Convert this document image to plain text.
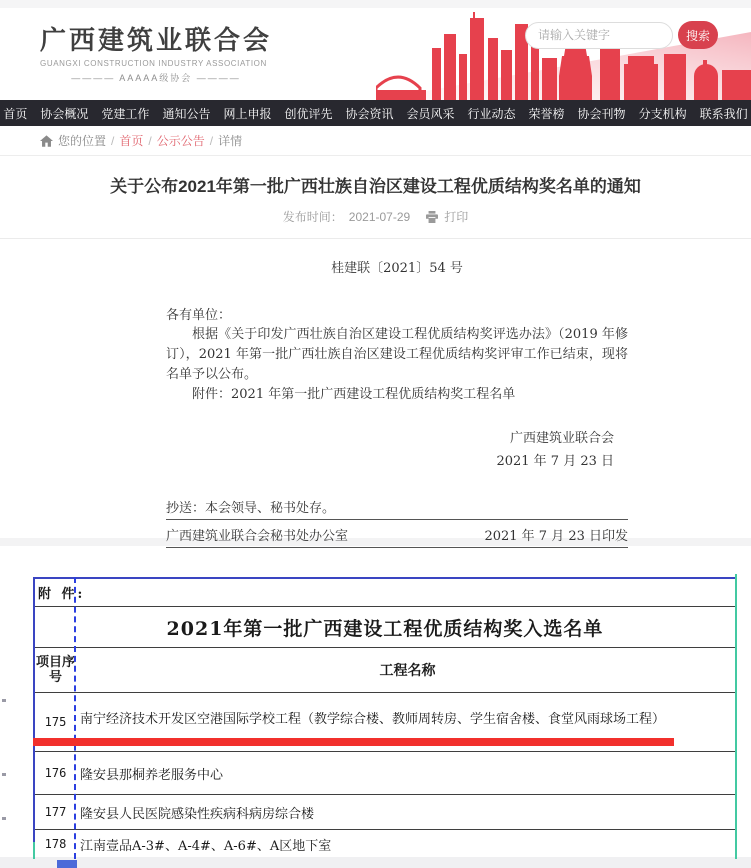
广西建筑业联合会
GUANGXI CONSTRUCTION INDUSTRY ASSOCIATION
———— AAAAA级协会 ————
请输入关键字
搜索
首页 协会概况 党建工作 通知公告 网上申报 创优评先 协会资讯 会员风采 行业动态 荣誉榜 协会刊物 分支机构 联系我们
您的位置 / 首页 / 公示公告 / 详情
关于公布2021年第一批广西壮族自治区建设工程优质结构奖名单的通知
发布时间： 2021-07-29	打印

桂建联〔2021〕54 号

各有单位：

根据《关于印发广西壮族自治区建设工程优质结构奖评选办法》（2019 年修订），2021 年第一批广西壮族自治区建设工程优质结构奖评审工作已结束，现将名单予以公布。

附件：2021 年第一批广西建设工程优质结构奖工程名单

广西建筑业联合会

2021 年 7 月 23 日

抄送：本会领导、秘书处存。
广西建筑业联合会秘书处办公室	2021 年 7 月 23 日印发
附 件:
2021年第一批广西建设工程优质结构奖入选名单
项目序号	工程名称
175	南宁经济技术开发区空港国际学校工程（教学综合楼、教师周转房、学生宿舍楼、食堂风雨球场工程）
176	隆安县那桐养老服务中心
177	隆安县人民医院感染性疾病科病房综合楼
178	江南壹品A-3#、A-4#、A-6#、A区地下室
